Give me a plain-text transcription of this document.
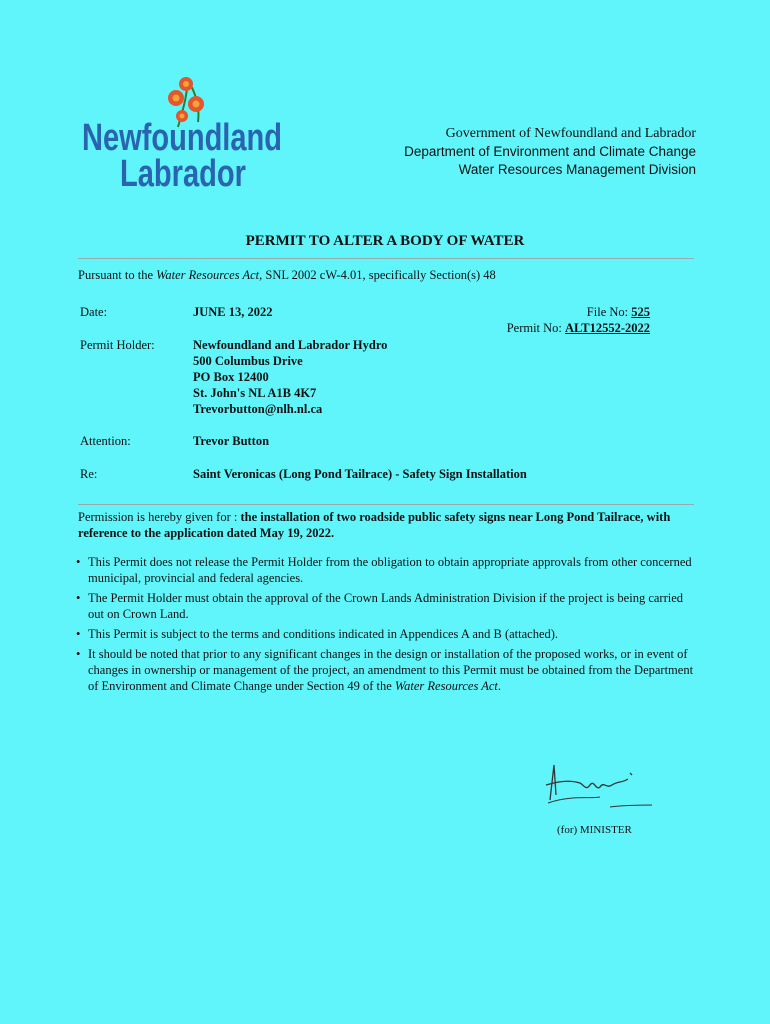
Newfoundland
Labrador
Government of Newfoundland and Labrador
Department of Environment and Climate Change
Water Resources Management Division
PERMIT TO ALTER A BODY OF WATER
Pursuant to the Water Resources Act, SNL 2002 cW-4.01, specifically Section(s) 48
Date:	JUNE 13, 2022	File No: 525
Permit No: ALT12552-2022
Permit Holder:	Newfoundland and Labrador Hydro
500 Columbus Drive
PO Box 12400
St. John's NL A1B 4K7
Trevorbutton@nlh.nl.ca
Attention:	Trevor Button
Re:	Saint Veronicas (Long Pond Tailrace) - Safety Sign Installation
Permission is hereby given for : the installation of two roadside public safety signs near Long Pond Tailrace, with reference to the application dated May 19, 2022.
• This Permit does not release the Permit Holder from the obligation to obtain appropriate approvals from other concerned municipal, provincial and federal agencies.
• The Permit Holder must obtain the approval of the Crown Lands Administration Division if the project is being carried out on Crown Land.
• This Permit is subject to the terms and conditions indicated in Appendices A and B (attached).
• It should be noted that prior to any significant changes in the design or installation of the proposed works, or in event of changes in ownership or management of the project, an amendment to this Permit must be obtained from the Department of Environment and Climate Change under Section 49 of the Water Resources Act.
(for) MINISTER
